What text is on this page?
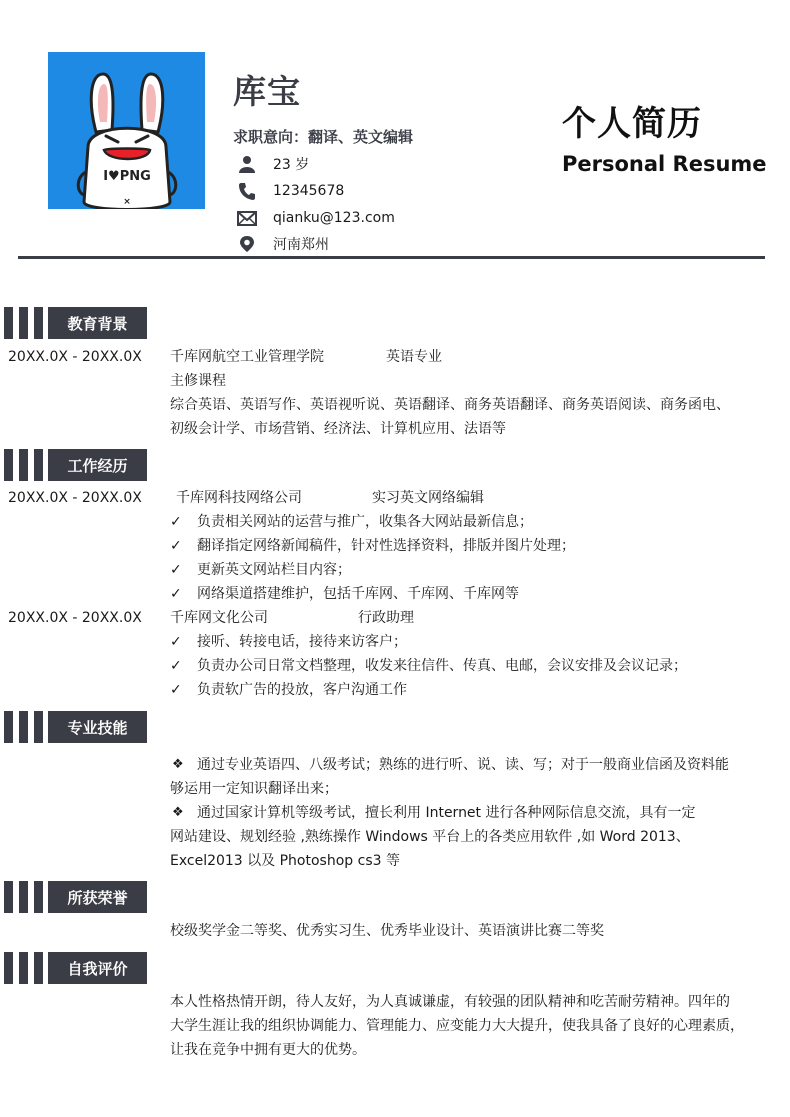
I♥PNG
×
库宝
求职意向：翻译、英文编辑
23 岁
12345678
qianku@123.com
河南郑州
个人简历
Personal Resume
教育背景
20XX.0X - 20XX.0X 千库网航空工业管理学院	英语专业
主修课程
综合英语、英语写作、英语视听说、英语翻译、商务英语翻译、商务英语阅读、商务函电、
初级会计学、市场营销、经济法、计算机应用、法语等
工作经历
20XX.0X - 20XX.0X 千库网科技网络公司	实习英文网络编辑
✓ 负责相关网站的运营与推广，收集各大网站最新信息；
✓ 翻译指定网络新闻稿件，针对性选择资料，排版并图片处理；
✓ 更新英文网站栏目内容；
✓ 网络渠道搭建维护，包括千库网、千库网、千库网等
20XX.0X - 20XX.0X 千库网文化公司	行政助理
✓ 接听、转接电话，接待来访客户；
✓ 负责办公司日常文档整理，收发来往信件、传真、电邮，会议安排及会议记录；
✓ 负责软广告的投放，客户沟通工作
专业技能
❖ 通过专业英语四、八级考试；熟练的进行听、说、读、写；对于一般商业信函及资料能
够运用一定知识翻译出来；
❖ 通过国家计算机等级考试，擅长利用 Internet 进行各种网际信息交流，具有一定
网站建设、规划经验 ,熟练操作 Windows 平台上的各类应用软件 ,如 Word 2013、
Excel2013 以及 Photoshop cs3 等
所获荣誉
校级奖学金二等奖、优秀实习生、优秀毕业设计、英语演讲比赛二等奖
自我评价
本人性格热情开朗，待人友好，为人真诚谦虚，有较强的团队精神和吃苦耐劳精神。四年的
大学生涯让我的组织协调能力、管理能力、应变能力大大提升，使我具备了良好的心理素质，
让我在竞争中拥有更大的优势。
